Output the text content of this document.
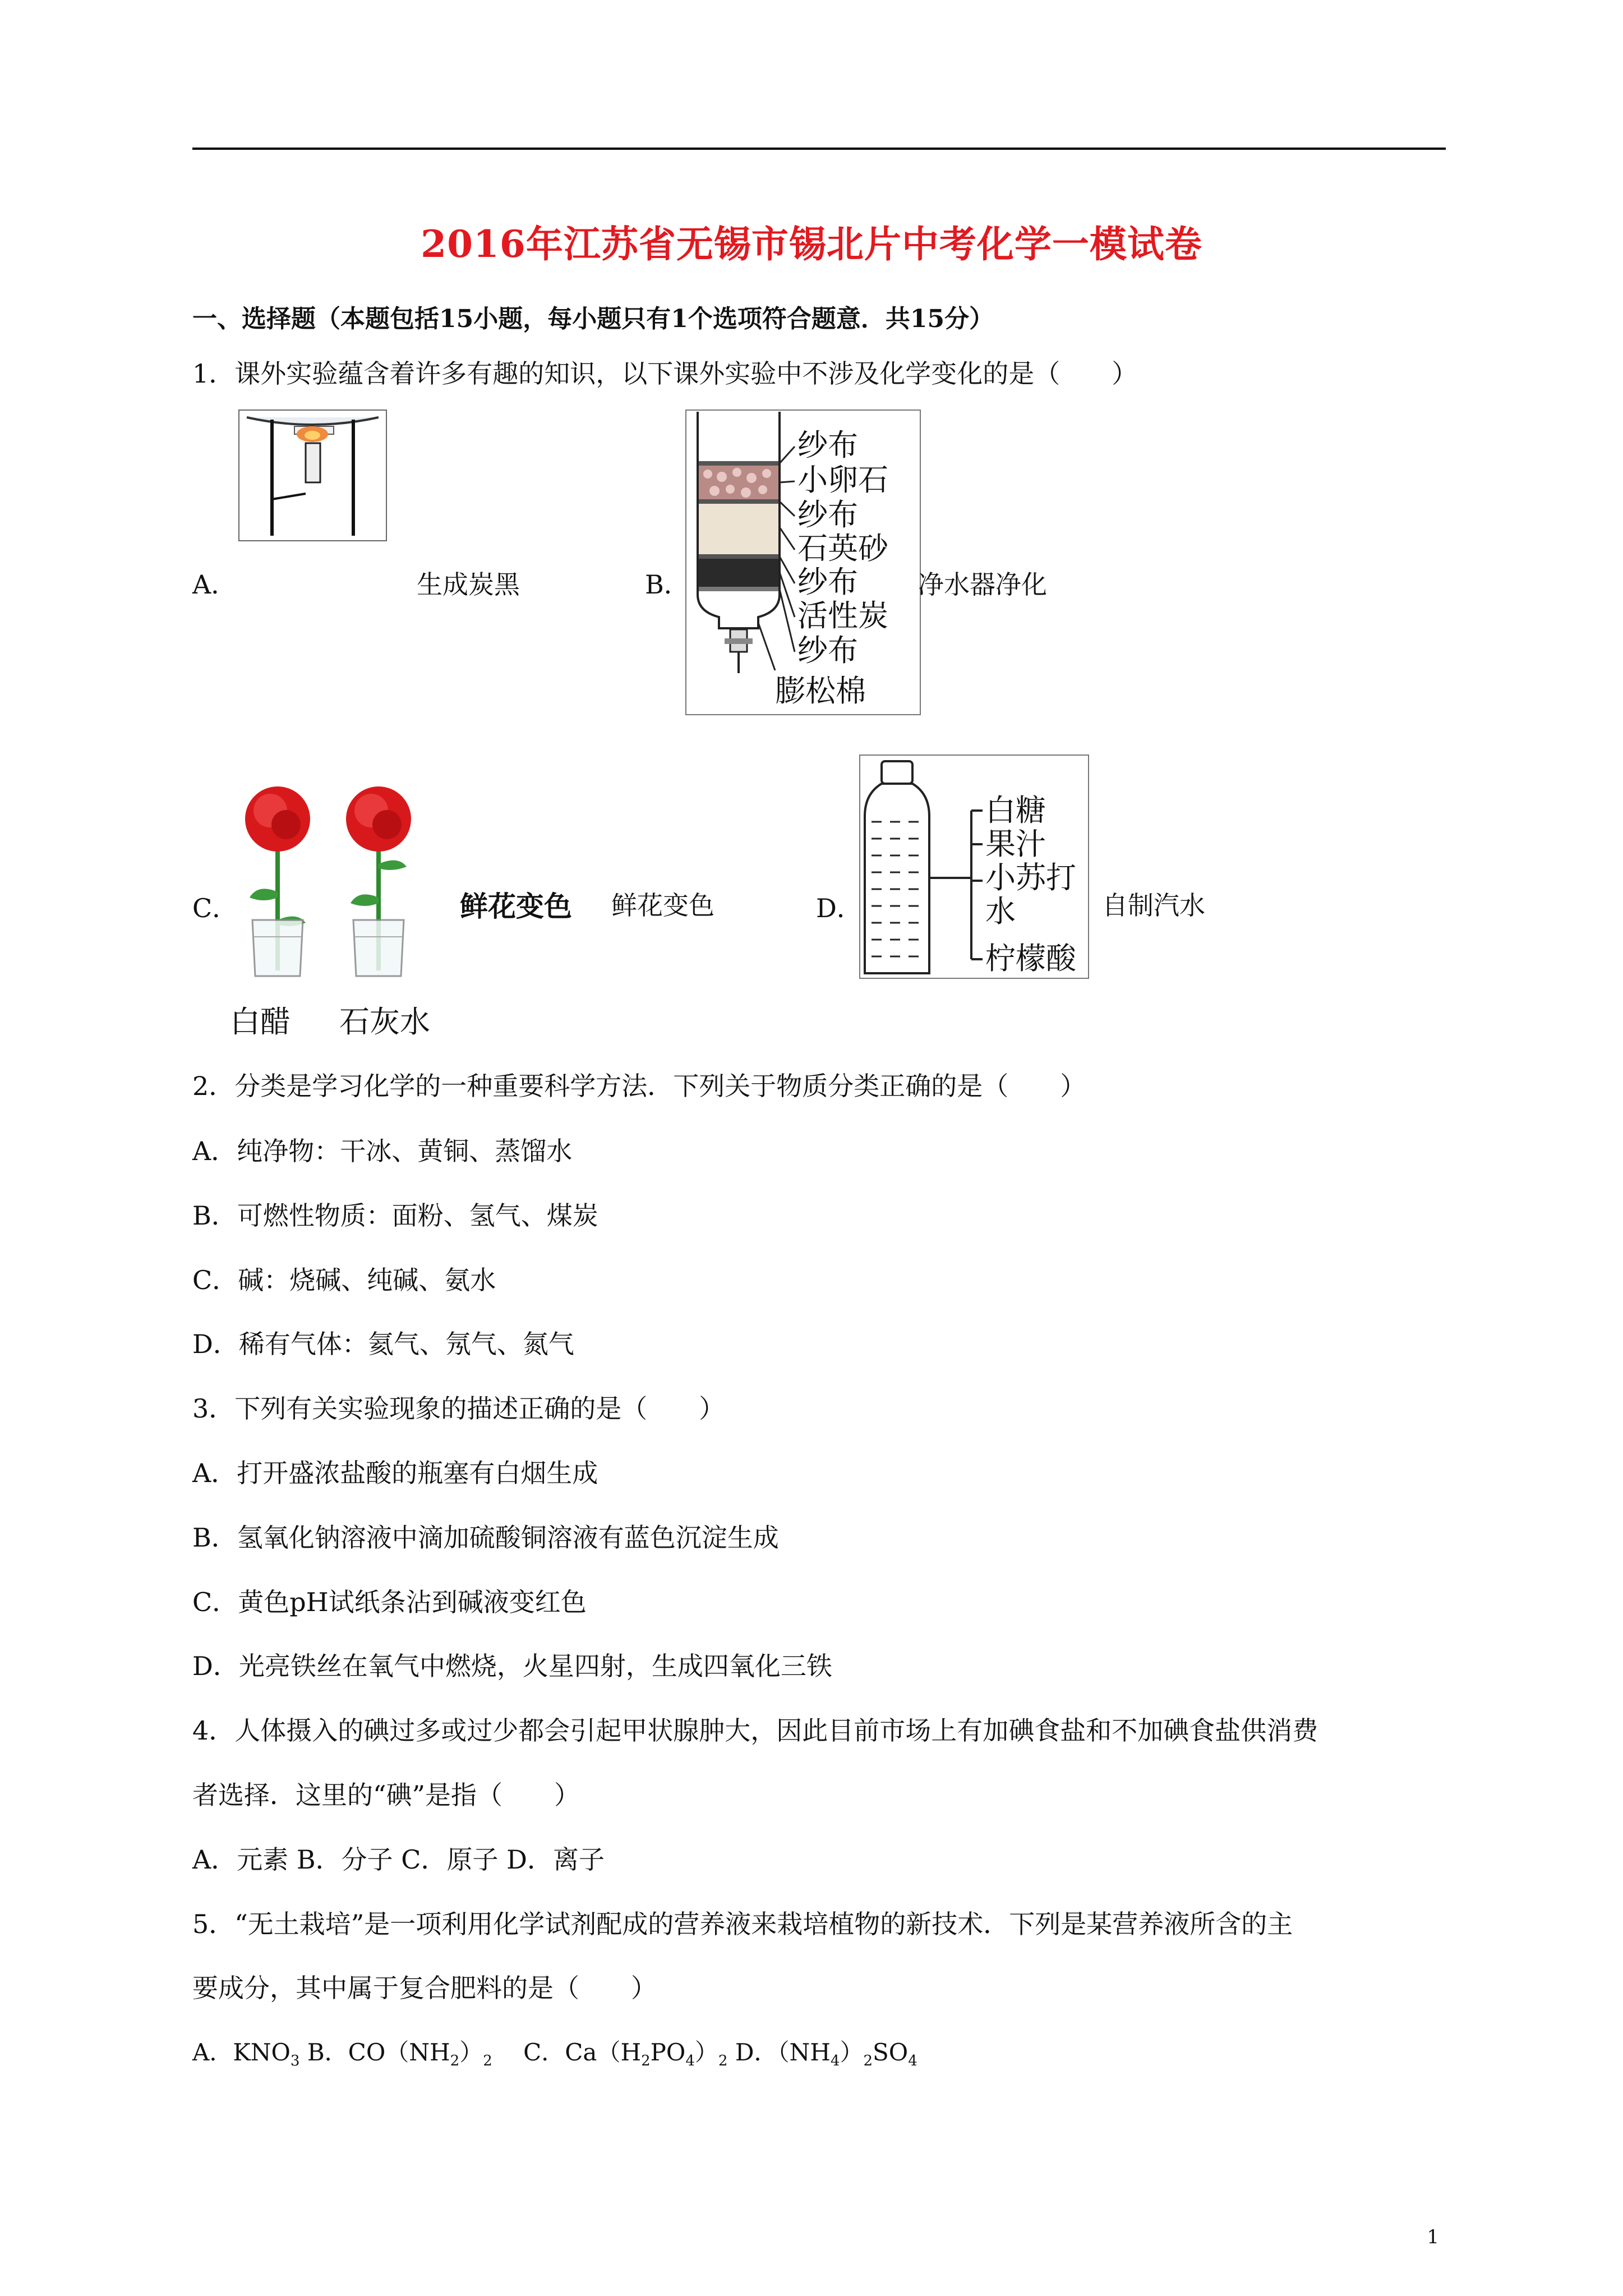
2016年江苏省无锡市锡北片中考化学一模试卷
一、选择题（本题包括15小题，每小题只有1个选项符合题意．共15分）
1．课外实验蕴含着许多有趣的知识，以下课外实验中不涉及化学变化的是（　　）
A．	生成炭黑	B．
纱布
小卵石
纱布
石英砂
纱布
活性炭
纱布
膨松棉
净水器净化
C．
白醋 石灰水
鲜花变色 鲜花变色	D．
白糖
果汁
小苏打
水
柠檬酸
自制汽水
2．分类是学习化学的一种重要科学方法．下列关于物质分类正确的是（　　）
A．纯净物：干冰、黄铜、蒸馏水
B．可燃性物质：面粉、氢气、煤炭
C．碱：烧碱、纯碱、氨水
D．稀有气体：氦气、氖气、氮气
3．下列有关实验现象的描述正确的是（　　）
A．打开盛浓盐酸的瓶塞有白烟生成
B．氢氧化钠溶液中滴加硫酸铜溶液有蓝色沉淀生成
C．黄色pH试纸条沾到碱液变红色
D．光亮铁丝在氧气中燃烧，火星四射，生成四氧化三铁
4．人体摄入的碘过多或过少都会引起甲状腺肿大，因此目前市场上有加碘食盐和不加碘食盐供消费
者选择．这里的“碘”是指（　　）
A．元素 B．分子 C．原子 D．离子
5．“无土栽培”是一项利用化学试剂配成的营养液来栽培植物的新技术．下列是某营养液所含的主
要成分，其中属于复合肥料的是（　　）
A．$KNO_3$ B．$CO(NH_2)_2$　 C．$Ca(H_2PO_4)_2$ D．$(NH_4)_2SO_4$
1
